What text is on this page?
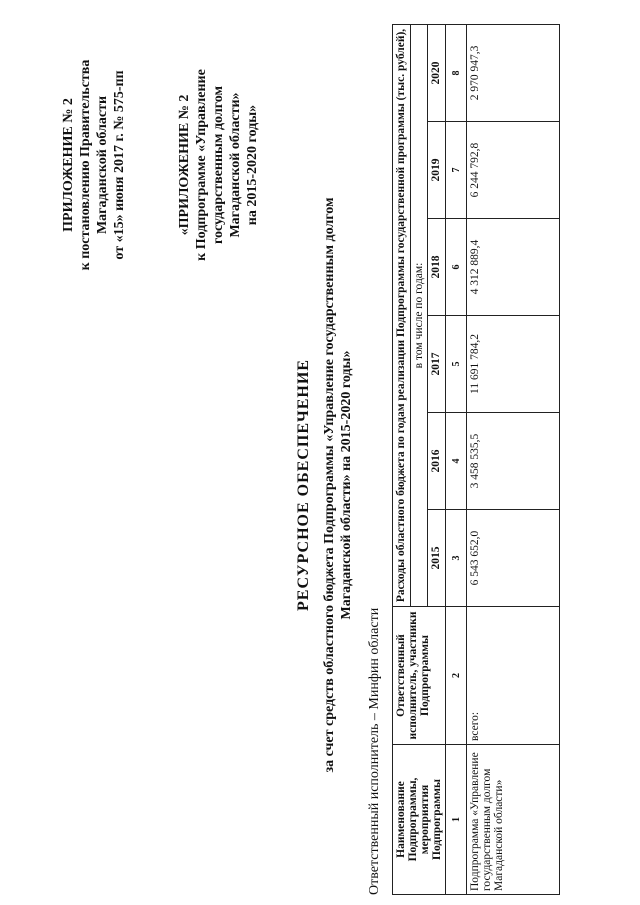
ПРИЛОЖЕНИЕ № 2 к постановлению Правительства Магаданской области от «15» июня 2017 г. № 575-пп	«ПРИЛОЖЕНИЕ № 2 к Подпрограмме «Управление государственным долгом Магаданской области» на 2015-2020 годы»
РЕСУРСНОЕ ОБЕСПЕЧЕНИЕ за счет средств областного бюджета Подпрограммы «Управление государственным долгом Магаданской области» на 2015-2020 годы»
Ответственный исполнитель – Минфин области Наименование Подпрограммы, мероприятия Подпрограммы	Ответственный исполнитель, участники Подпрограммы	Расходы областного бюджета по годам реализации Подпрограммы государственной программы (тыс. рублей),					
		в том числе по годам:					
		2015	2016	2017	2018	2019	2020
1	2	3	4	5	6	7	8
Подпрограмма «Управление государственным долгом Магаданской области»	всего:	6 543 652,0	3 458 535,5	11 691 784,2	4 312 889,4	6 244 792,8	2 970 947,3
